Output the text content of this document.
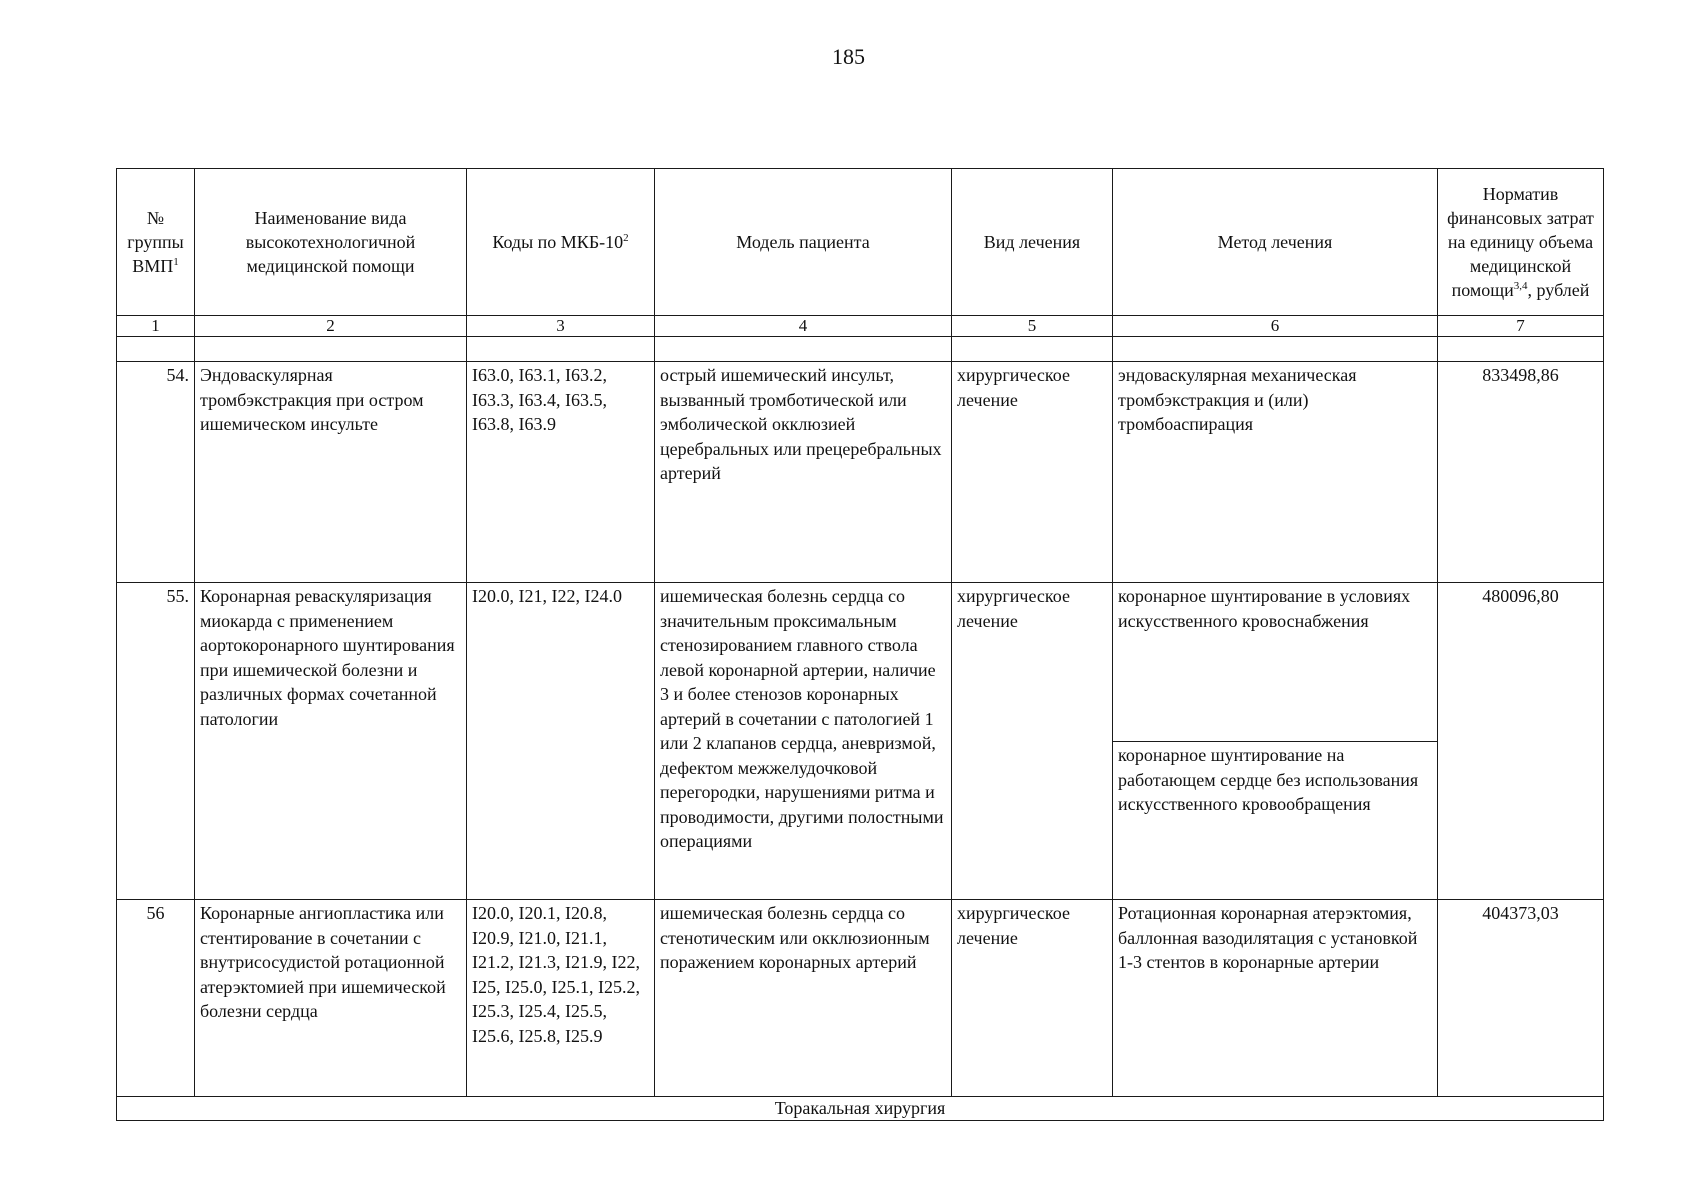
185
№ группы ВМП$^1$	Наименование вида высокотехнологичной медицинской помощи	Коды по МКБ-$10^2$	Модель пациента	Вид лечения	Метод лечения	Норматив финансовых затрат на единицу объема медицинской помощи$^{3,4}$, рублей
1	2	3	4	5	6	7

54.	Эндоваскулярная тромбэкстракция при остром ишемическом инсульте	I63.0, I63.1, I63.2, I63.3, I63.4, I63.5, I63.8, I63.9	острый ишемический инсульт, вызванный тромботической или эмболической окклюзией церебральных или прецеребральных артерий	хирургическое лечение	эндоваскулярная механическая тромбэкстракция и (или) тромбоаспирация	833498,86
55.	Коронарная реваскуляризация миокарда с применением аортокоронарного шунтирования при ишемической болезни и различных формах сочетанной патологии	I20.0, I21, I22, I24.0	ишемическая болезнь сердца со значительным проксимальным стенозированием главного ствола левой коронарной артерии, наличие 3 и более стенозов коронарных артерий в сочетании с патологией 1 или 2 клапанов сердца, аневризмой, дефектом межжелудочковой перегородки, нарушениями ритма и проводимости, другими полостными операциями	хирургическое лечение	коронарное шунтирование в условиях искусственного кровоснабжения	480096,80
					коронарное шунтирование на работающем сердце без использования искусственного кровообращения	
56	Коронарные ангиопластика или стентирование в сочетании с внутрисосудистой ротационной атерэктомией при ишемической болезни сердца	I20.0, I20.1, I20.8, I20.9, I21.0, I21.1, I21.2, I21.3, I21.9, I22, I25, I25.0, I25.1, I25.2, I25.3, I25.4, I25.5, I25.6, I25.8, I25.9	ишемическая болезнь сердца со стенотическим или окклюзионным поражением коронарных артерий	хирургическое лечение	Ротационная коронарная атерэктомия, баллонная вазодилятация с установкой 1-3 стентов в коронарные артерии	404373,03
Торакальная хирургия						
